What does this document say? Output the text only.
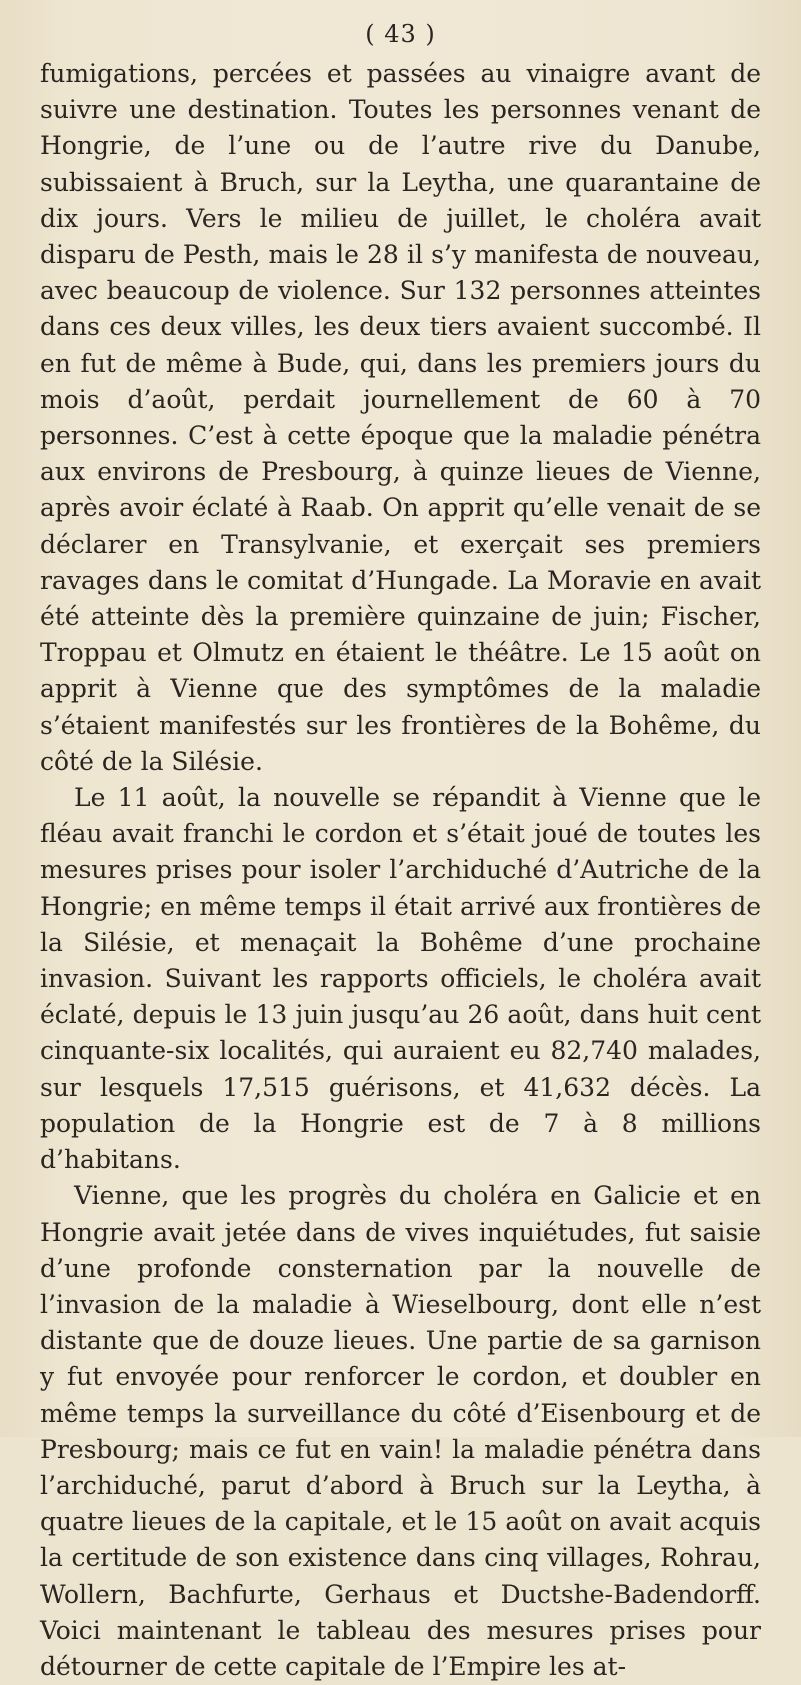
( 43 )

fumigations, percées et passées au vinaigre avant de suivre une destination. Toutes les personnes venant de Hongrie, de l’une ou de l’autre rive du Danube, subissaient à Bruch, sur la Leytha, une quarantaine de dix jours. Vers le milieu de juillet, le choléra avait disparu de Pesth, mais le 28 il s’y manifesta de nouveau, avec beaucoup de violence. Sur 132 personnes atteintes dans ces deux villes, les deux tiers avaient succombé. Il en fut de même à Bude, qui, dans les premiers jours du mois d’août, perdait journellement de 60 à 70 personnes. C’est à cette époque que la maladie pénétra aux environs de Presbourg, à quinze lieues de Vienne, après avoir éclaté à Raab. On apprit qu’elle venait de se déclarer en Transylvanie, et exerçait ses premiers ravages dans le comitat d’Hungade. La Moravie en avait été atteinte dès la première quinzaine de juin; Fischer, Troppau et Olmutz en étaient le théâtre. Le 15 août on apprit à Vienne que des symptômes de la maladie s’étaient manifestés sur les frontières de la Bohême, du côté de la Silésie.

Le 11 août, la nouvelle se répandit à Vienne que le fléau avait franchi le cordon et s’était joué de toutes les mesures prises pour isoler l’archiduché d’Autriche de la Hongrie; en même temps il était arrivé aux frontières de la Silésie, et menaçait la Bohême d’une prochaine invasion. Suivant les rapports officiels, le choléra avait éclaté, depuis le 13 juin jusqu’au 26 août, dans huit cent cinquante-six localités, qui auraient eu 82,740 malades, sur lesquels 17,515 guérisons, et 41,632 décès. La population de la Hongrie est de 7 à 8 millions d’habitans.

Vienne, que les progrès du choléra en Galicie et en Hongrie avait jetée dans de vives inquiétudes, fut saisie d’une profonde consternation par la nouvelle de l’invasion de la maladie à Wieselbourg, dont elle n’est distante que de douze lieues. Une partie de sa garnison y fut envoyée pour renforcer le cordon, et doubler en même temps la surveillance du côté d’Eisenbourg et de Presbourg; mais ce fut en vain! la maladie pénétra dans l’archiduché, parut d’abord à Bruch sur la Leytha, à quatre lieues de la capitale, et le 15 août on avait acquis la certitude de son existence dans cinq villages, Rohrau, Wollern, Bachfurte, Gerhaus et Ductshe-Badendorff. Voici maintenant le tableau des mesures prises pour détourner de cette capitale de l’Empire les at-
